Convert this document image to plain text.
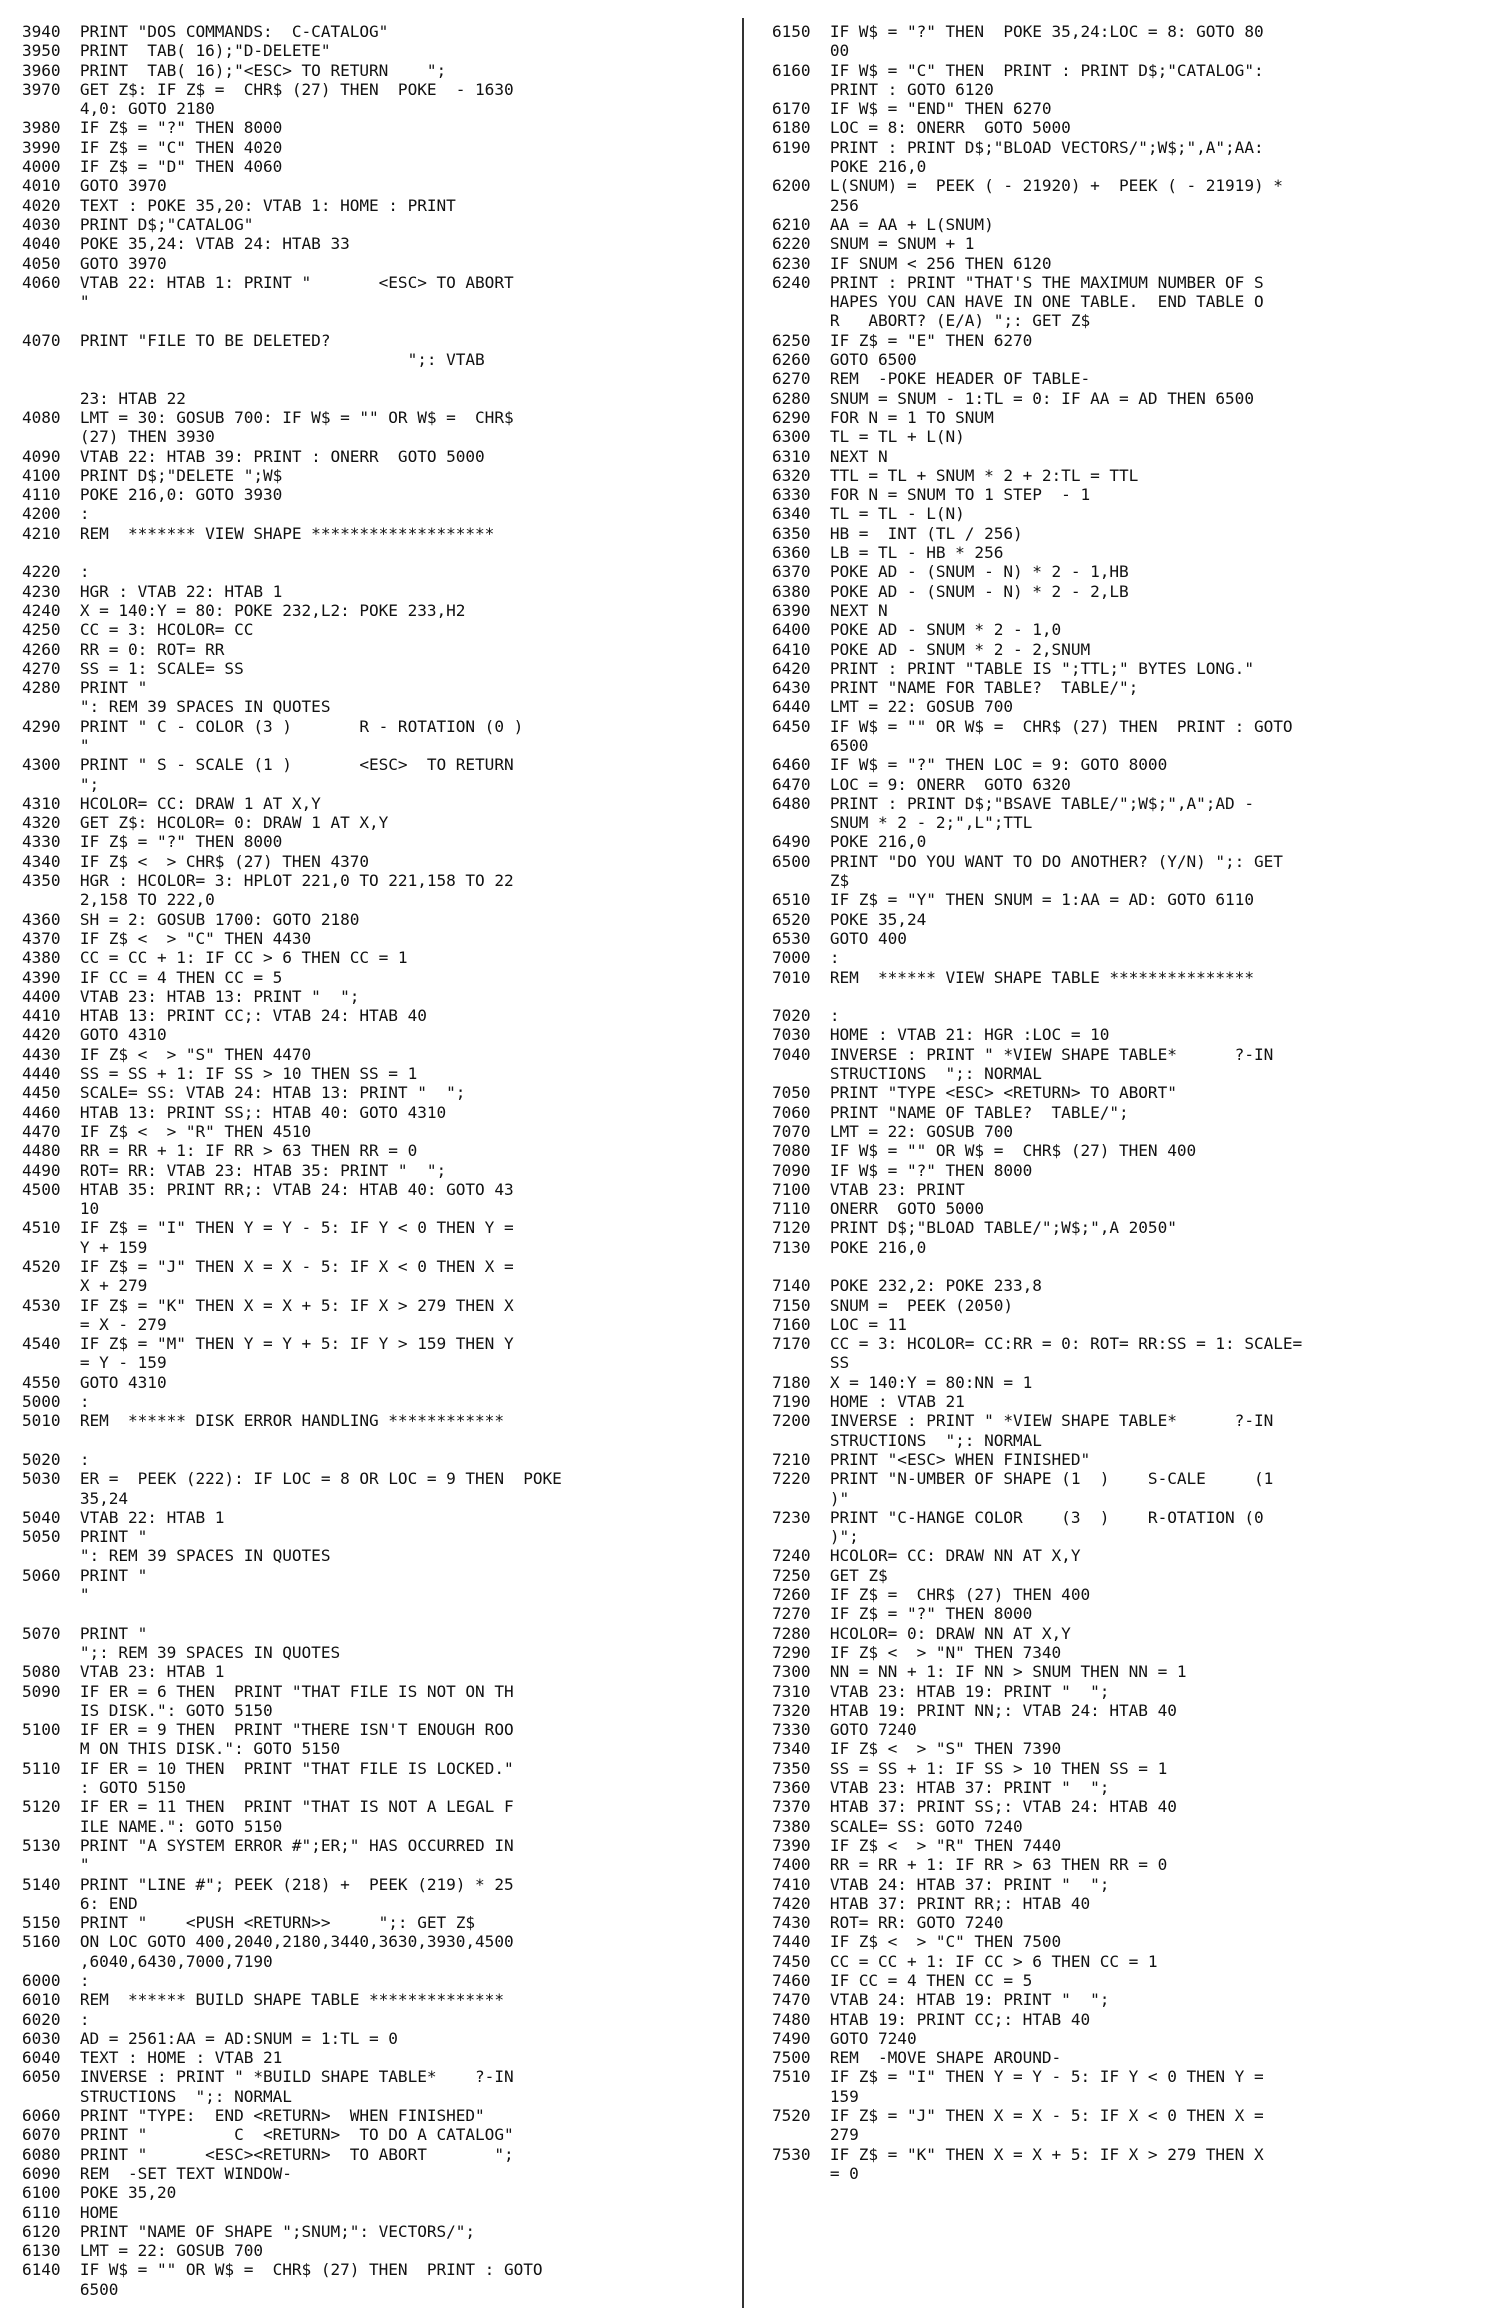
3940  PRINT "DOS COMMANDS:  C-CATALOG"
3950  PRINT  TAB( 16);"D-DELETE"
3960  PRINT  TAB( 16);"<ESC> TO RETURN    ";
3970  GET Z$: IF Z$ =  CHR$ (27) THEN  POKE  - 1630
4,0: GOTO 2180
3980  IF Z$ = "?" THEN 8000
3990  IF Z$ = "C" THEN 4020
4000  IF Z$ = "D" THEN 4060
4010  GOTO 3970
4020  TEXT : POKE 35,20: VTAB 1: HOME : PRINT
4030  PRINT D$;"CATALOG"
4040  POKE 35,24: VTAB 24: HTAB 33
4050  GOTO 3970
4060  VTAB 22: HTAB 1: PRINT "       <ESC> TO ABORT
"

4070  PRINT "FILE TO BE DELETED?
";: VTAB

23: HTAB 22
4080  LMT = 30: GOSUB 700: IF W$ = "" OR W$ =  CHR$
(27) THEN 3930
4090  VTAB 22: HTAB 39: PRINT : ONERR  GOTO 5000
4100  PRINT D$;"DELETE ";W$
4110  POKE 216,0: GOTO 3930
4200  :
4210  REM  ******* VIEW SHAPE *******************

4220  :
4230  HGR : VTAB 22: HTAB 1
4240  X = 140:Y = 80: POKE 232,L2: POKE 233,H2
4250  CC = 3: HCOLOR= CC
4260  RR = 0: ROT= RR
4270  SS = 1: SCALE= SS
4280  PRINT "
": REM 39 SPACES IN QUOTES
4290  PRINT " C - COLOR (3 )       R - ROTATION (0 )
"
4300  PRINT " S - SCALE (1 )       <ESC>  TO RETURN
";
4310  HCOLOR= CC: DRAW 1 AT X,Y
4320  GET Z$: HCOLOR= 0: DRAW 1 AT X,Y
4330  IF Z$ = "?" THEN 8000
4340  IF Z$ <  > CHR$ (27) THEN 4370
4350  HGR : HCOLOR= 3: HPLOT 221,0 TO 221,158 TO 22
2,158 TO 222,0
4360  SH = 2: GOSUB 1700: GOTO 2180
4370  IF Z$ <  > "C" THEN 4430
4380  CC = CC + 1: IF CC > 6 THEN CC = 1
4390  IF CC = 4 THEN CC = 5
4400  VTAB 23: HTAB 13: PRINT "  ";
4410  HTAB 13: PRINT CC;: VTAB 24: HTAB 40
4420  GOTO 4310
4430  IF Z$ <  > "S" THEN 4470
4440  SS = SS + 1: IF SS > 10 THEN SS = 1
4450  SCALE= SS: VTAB 24: HTAB 13: PRINT "  ";
4460  HTAB 13: PRINT SS;: HTAB 40: GOTO 4310
4470  IF Z$ <  > "R" THEN 4510
4480  RR = RR + 1: IF RR > 63 THEN RR = 0
4490  ROT= RR: VTAB 23: HTAB 35: PRINT "  ";
4500  HTAB 35: PRINT RR;: VTAB 24: HTAB 40: GOTO 43
10
4510  IF Z$ = "I" THEN Y = Y - 5: IF Y < 0 THEN Y =
Y + 159
4520  IF Z$ = "J" THEN X = X - 5: IF X < 0 THEN X =
X + 279
4530  IF Z$ = "K" THEN X = X + 5: IF X > 279 THEN X
= X - 279
4540  IF Z$ = "M" THEN Y = Y + 5: IF Y > 159 THEN Y
= Y - 159
4550  GOTO 4310
5000  :
5010  REM  ****** DISK ERROR HANDLING ************

5020  :
5030  ER =  PEEK (222): IF LOC = 8 OR LOC = 9 THEN  POKE
35,24
5040  VTAB 22: HTAB 1
5050  PRINT "
": REM 39 SPACES IN QUOTES
5060  PRINT "
"

5070  PRINT "
";: REM 39 SPACES IN QUOTES
5080  VTAB 23: HTAB 1
5090  IF ER = 6 THEN  PRINT "THAT FILE IS NOT ON TH
IS DISK.": GOTO 5150
5100  IF ER = 9 THEN  PRINT "THERE ISN'T ENOUGH ROO
M ON THIS DISK.": GOTO 5150
5110  IF ER = 10 THEN  PRINT "THAT FILE IS LOCKED."
: GOTO 5150
5120  IF ER = 11 THEN  PRINT "THAT IS NOT A LEGAL F
ILE NAME.": GOTO 5150
5130  PRINT "A SYSTEM ERROR #";ER;" HAS OCCURRED IN
"
5140  PRINT "LINE #"; PEEK (218) +  PEEK (219) * 25
6: END
5150  PRINT "    <PUSH <RETURN>>     ";: GET Z$
5160  ON LOC GOTO 400,2040,2180,3440,3630,3930,4500
,6040,6430,7000,7190
6000  :
6010  REM  ****** BUILD SHAPE TABLE **************
6020  :
6030  AD = 2561:AA = AD:SNUM = 1:TL = 0
6040  TEXT : HOME : VTAB 21
6050  INVERSE : PRINT " *BUILD SHAPE TABLE*    ?-IN
STRUCTIONS  ";: NORMAL
6060  PRINT "TYPE:  END <RETURN>  WHEN FINISHED"
6070  PRINT "         C  <RETURN>  TO DO A CATALOG"
6080  PRINT "      <ESC><RETURN>  TO ABORT       ";
6090  REM  -SET TEXT WINDOW-
6100  POKE 35,20
6110  HOME
6120  PRINT "NAME OF SHAPE ";SNUM;": VECTORS/";
6130  LMT = 22: GOSUB 700
6140  IF W$ = "" OR W$ =  CHR$ (27) THEN  PRINT : GOTO
6500
6150  IF W$ = "?" THEN  POKE 35,24:LOC = 8: GOTO 80
00
6160  IF W$ = "C" THEN  PRINT : PRINT D$;"CATALOG":
PRINT : GOTO 6120
6170  IF W$ = "END" THEN 6270
6180  LOC = 8: ONERR  GOTO 5000
6190  PRINT : PRINT D$;"BLOAD VECTORS/";W$;",A";AA:
POKE 216,0
6200  L(SNUM) =  PEEK ( - 21920) +  PEEK ( - 21919) *
256
6210  AA = AA + L(SNUM)
6220  SNUM = SNUM + 1
6230  IF SNUM < 256 THEN 6120
6240  PRINT : PRINT "THAT'S THE MAXIMUM NUMBER OF S
HAPES YOU CAN HAVE IN ONE TABLE.  END TABLE O
R   ABORT? (E/A) ";: GET Z$
6250  IF Z$ = "E" THEN 6270
6260  GOTO 6500
6270  REM  -POKE HEADER OF TABLE-
6280  SNUM = SNUM - 1:TL = 0: IF AA = AD THEN 6500
6290  FOR N = 1 TO SNUM
6300  TL = TL + L(N)
6310  NEXT N
6320  TTL = TL + SNUM * 2 + 2:TL = TTL
6330  FOR N = SNUM TO 1 STEP  - 1
6340  TL = TL - L(N)
6350  HB =  INT (TL / 256)
6360  LB = TL - HB * 256
6370  POKE AD - (SNUM - N) * 2 - 1,HB
6380  POKE AD - (SNUM - N) * 2 - 2,LB
6390  NEXT N
6400  POKE AD - SNUM * 2 - 1,0
6410  POKE AD - SNUM * 2 - 2,SNUM
6420  PRINT : PRINT "TABLE IS ";TTL;" BYTES LONG."
6430  PRINT "NAME FOR TABLE?  TABLE/";
6440  LMT = 22: GOSUB 700
6450  IF W$ = "" OR W$ =  CHR$ (27) THEN  PRINT : GOTO
6500
6460  IF W$ = "?" THEN LOC = 9: GOTO 8000
6470  LOC = 9: ONERR  GOTO 6320
6480  PRINT : PRINT D$;"BSAVE TABLE/";W$;",A";AD -
SNUM * 2 - 2;",L";TTL
6490  POKE 216,0
6500  PRINT "DO YOU WANT TO DO ANOTHER? (Y/N) ";: GET
Z$
6510  IF Z$ = "Y" THEN SNUM = 1:AA = AD: GOTO 6110
6520  POKE 35,24
6530  GOTO 400
7000  :
7010  REM  ****** VIEW SHAPE TABLE ***************

7020  :
7030  HOME : VTAB 21: HGR :LOC = 10
7040  INVERSE : PRINT " *VIEW SHAPE TABLE*      ?-IN
STRUCTIONS  ";: NORMAL
7050  PRINT "TYPE <ESC> <RETURN> TO ABORT"
7060  PRINT "NAME OF TABLE?  TABLE/";
7070  LMT = 22: GOSUB 700
7080  IF W$ = "" OR W$ =  CHR$ (27) THEN 400
7090  IF W$ = "?" THEN 8000
7100  VTAB 23: PRINT
7110  ONERR  GOTO 5000
7120  PRINT D$;"BLOAD TABLE/";W$;",A 2050"
7130  POKE 216,0

7140  POKE 232,2: POKE 233,8
7150  SNUM =  PEEK (2050)
7160  LOC = 11
7170  CC = 3: HCOLOR= CC:RR = 0: ROT= RR:SS = 1: SCALE=
SS
7180  X = 140:Y = 80:NN = 1
7190  HOME : VTAB 21
7200  INVERSE : PRINT " *VIEW SHAPE TABLE*      ?-IN
STRUCTIONS  ";: NORMAL
7210  PRINT "<ESC> WHEN FINISHED"
7220  PRINT "N-UMBER OF SHAPE (1  )    S-CALE     (1
)"
7230  PRINT "C-HANGE COLOR    (3  )    R-OTATION (0
)";
7240  HCOLOR= CC: DRAW NN AT X,Y
7250  GET Z$
7260  IF Z$ =  CHR$ (27) THEN 400
7270  IF Z$ = "?" THEN 8000
7280  HCOLOR= 0: DRAW NN AT X,Y
7290  IF Z$ <  > "N" THEN 7340
7300  NN = NN + 1: IF NN > SNUM THEN NN = 1
7310  VTAB 23: HTAB 19: PRINT "  ";
7320  HTAB 19: PRINT NN;: VTAB 24: HTAB 40
7330  GOTO 7240
7340  IF Z$ <  > "S" THEN 7390
7350  SS = SS + 1: IF SS > 10 THEN SS = 1
7360  VTAB 23: HTAB 37: PRINT "  ";
7370  HTAB 37: PRINT SS;: VTAB 24: HTAB 40
7380  SCALE= SS: GOTO 7240
7390  IF Z$ <  > "R" THEN 7440
7400  RR = RR + 1: IF RR > 63 THEN RR = 0
7410  VTAB 24: HTAB 37: PRINT "  ";
7420  HTAB 37: PRINT RR;: HTAB 40
7430  ROT= RR: GOTO 7240
7440  IF Z$ <  > "C" THEN 7500
7450  CC = CC + 1: IF CC > 6 THEN CC = 1
7460  IF CC = 4 THEN CC = 5
7470  VTAB 24: HTAB 19: PRINT "  ";
7480  HTAB 19: PRINT CC;: HTAB 40
7490  GOTO 7240
7500  REM  -MOVE SHAPE AROUND-
7510  IF Z$ = "I" THEN Y = Y - 5: IF Y < 0 THEN Y =
159
7520  IF Z$ = "J" THEN X = X - 5: IF X < 0 THEN X =
279
7530  IF Z$ = "K" THEN X = X + 5: IF X > 279 THEN X
= 0
